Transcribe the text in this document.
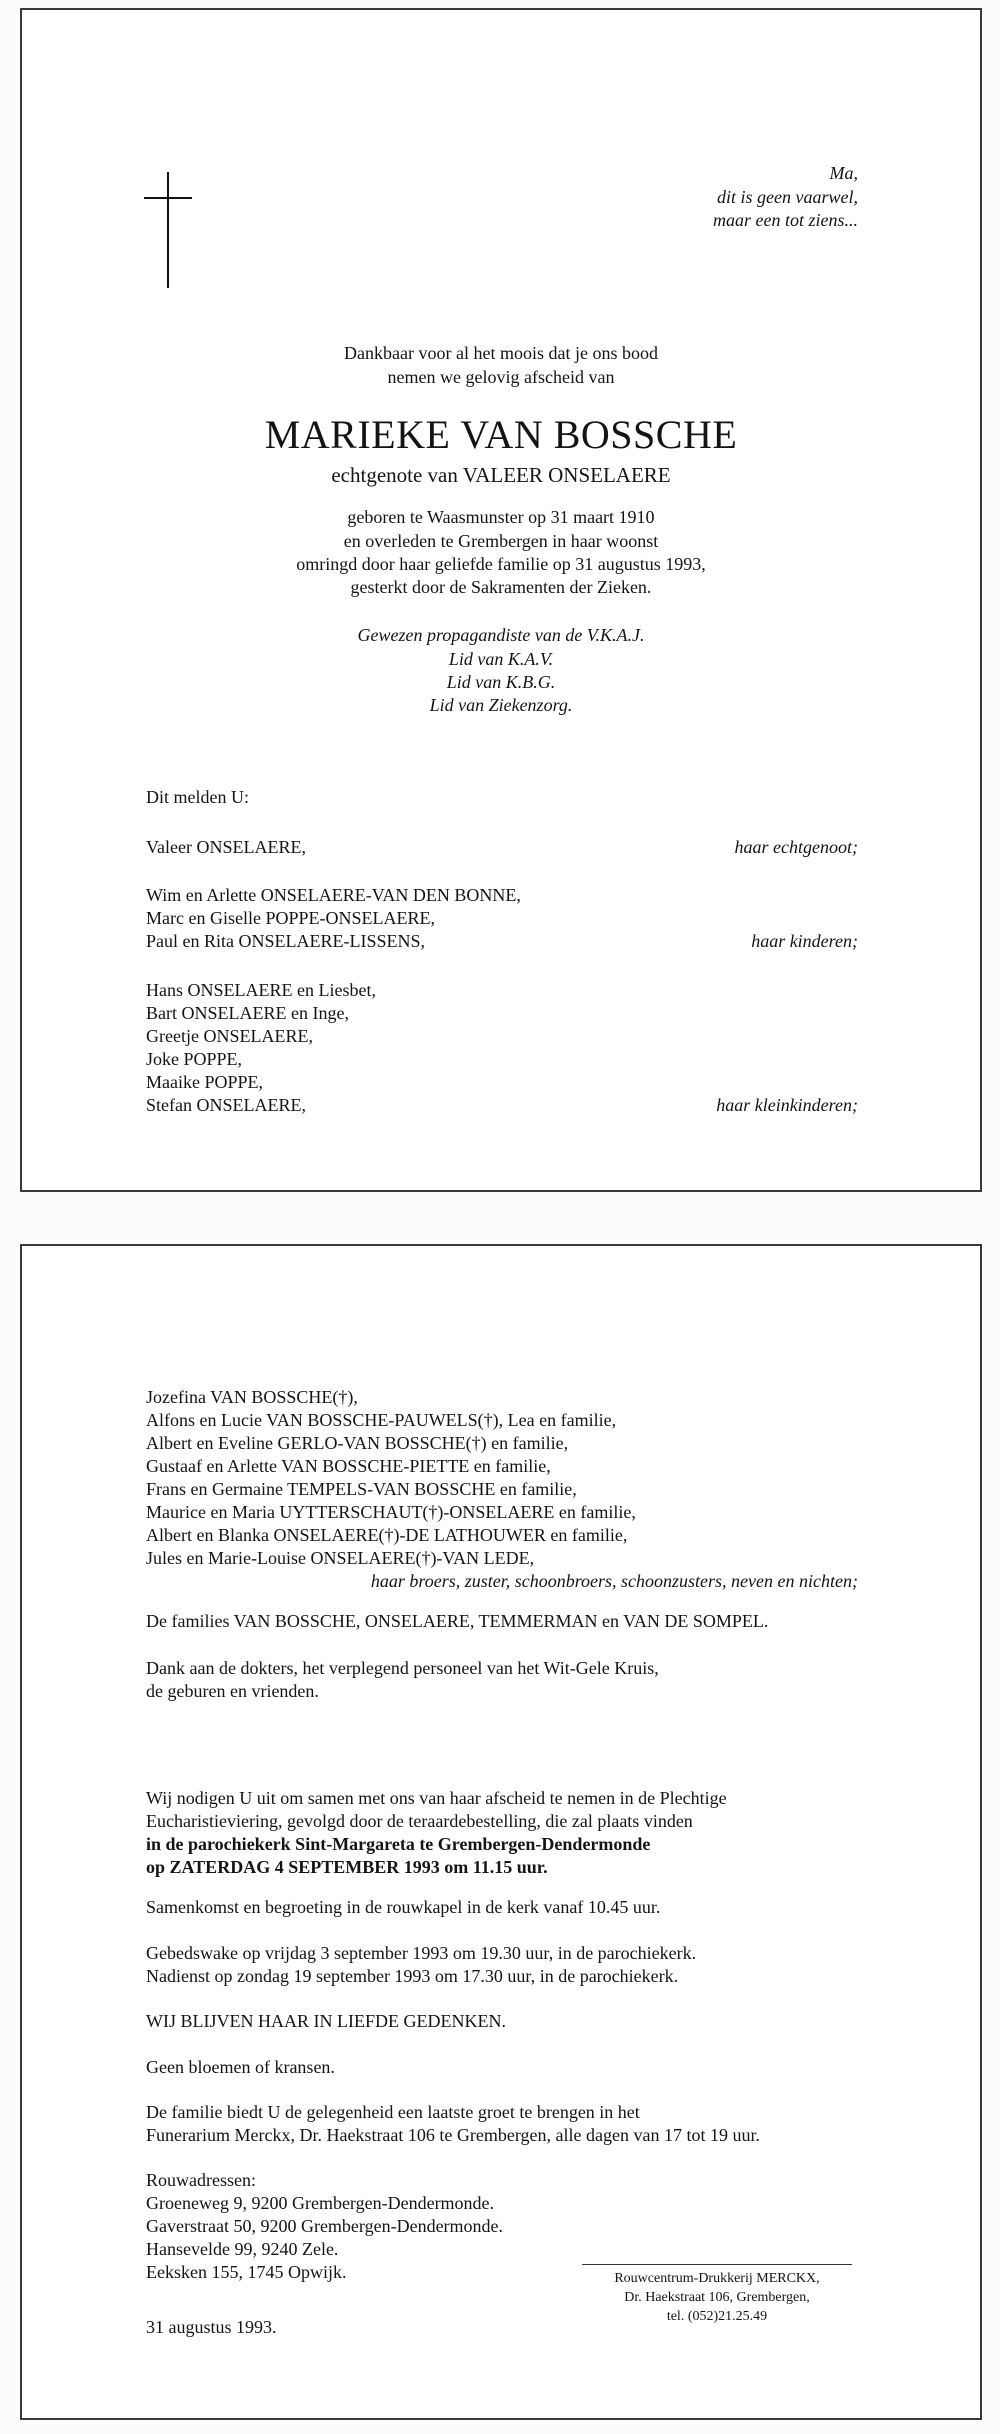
Ma,
dit is geen vaarwel,
maar een tot ziens...
Dankbaar voor al het moois dat je ons bood
nemen we gelovig afscheid van
MARIEKE VAN BOSSCHE
echtgenote van VALEER ONSELAERE
geboren te Waasmunster op 31 maart 1910
en overleden te Grembergen in haar woonst
omringd door haar geliefde familie op 31 augustus 1993,
gesterkt door de Sakramenten der Zieken.
Gewezen propagandiste van de V.K.A.J.
Lid van K.A.V.
Lid van K.B.G.
Lid van Ziekenzorg.
Dit melden U:
Valeer ONSELAERE,	haar echtgenoot;
Wim en Arlette ONSELAERE-VAN DEN BONNE,
Marc en Giselle POPPE-ONSELAERE,
Paul en Rita ONSELAERE-LISSENS,	haar kinderen;
Hans ONSELAERE en Liesbet,
Bart ONSELAERE en Inge,
Greetje ONSELAERE,
Joke POPPE,
Maaike POPPE,
Stefan ONSELAERE,	haar kleinkinderen;
Jozefina VAN BOSSCHE(†),
Alfons en Lucie VAN BOSSCHE-PAUWELS(†), Lea en familie,
Albert en Eveline GERLO-VAN BOSSCHE(†) en familie,
Gustaaf en Arlette VAN BOSSCHE-PIETTE en familie,
Frans en Germaine TEMPELS-VAN BOSSCHE en familie,
Maurice en Maria UYTTERSCHAUT(†)-ONSELAERE en familie,
Albert en Blanka ONSELAERE(†)-DE LATHOUWER en familie,
Jules en Marie-Louise ONSELAERE(†)-VAN LEDE,
haar broers, zuster, schoonbroers, schoonzusters, neven en nichten;
De families VAN BOSSCHE, ONSELAERE, TEMMERMAN en VAN DE SOMPEL.
Dank aan de dokters, het verplegend personeel van het Wit-Gele Kruis,
de geburen en vrienden.
Wij nodigen U uit om samen met ons van haar afscheid te nemen in de Plechtige
Eucharistieviering, gevolgd door de teraardebestelling, die zal plaats vinden
in de parochiekerk Sint-Margareta te Grembergen-Dendermonde
op ZATERDAG 4 SEPTEMBER 1993 om 11.15 uur.
Samenkomst en begroeting in de rouwkapel in de kerk vanaf 10.45 uur.
Gebedswake op vrijdag 3 september 1993 om 19.30 uur, in de parochiekerk.
Nadienst op zondag 19 september 1993 om 17.30 uur, in de parochiekerk.
WIJ BLIJVEN HAAR IN LIEFDE GEDENKEN.
Geen bloemen of kransen.
De familie biedt U de gelegenheid een laatste groet te brengen in het
Funerarium Merckx, Dr. Haekstraat 106 te Grembergen, alle dagen van 17 tot 19 uur.
Rouwadressen:
Groeneweg 9, 9200 Grembergen-Dendermonde.
Gaverstraat 50, 9200 Grembergen-Dendermonde.
Hansevelde 99, 9240 Zele.
Eeksken 155, 1745 Opwijk.	Rouwcentrum-Drukkerij MERCKX,
Dr. Haekstraat 106, Grembergen,
tel. (052)21.25.49
31 augustus 1993.
